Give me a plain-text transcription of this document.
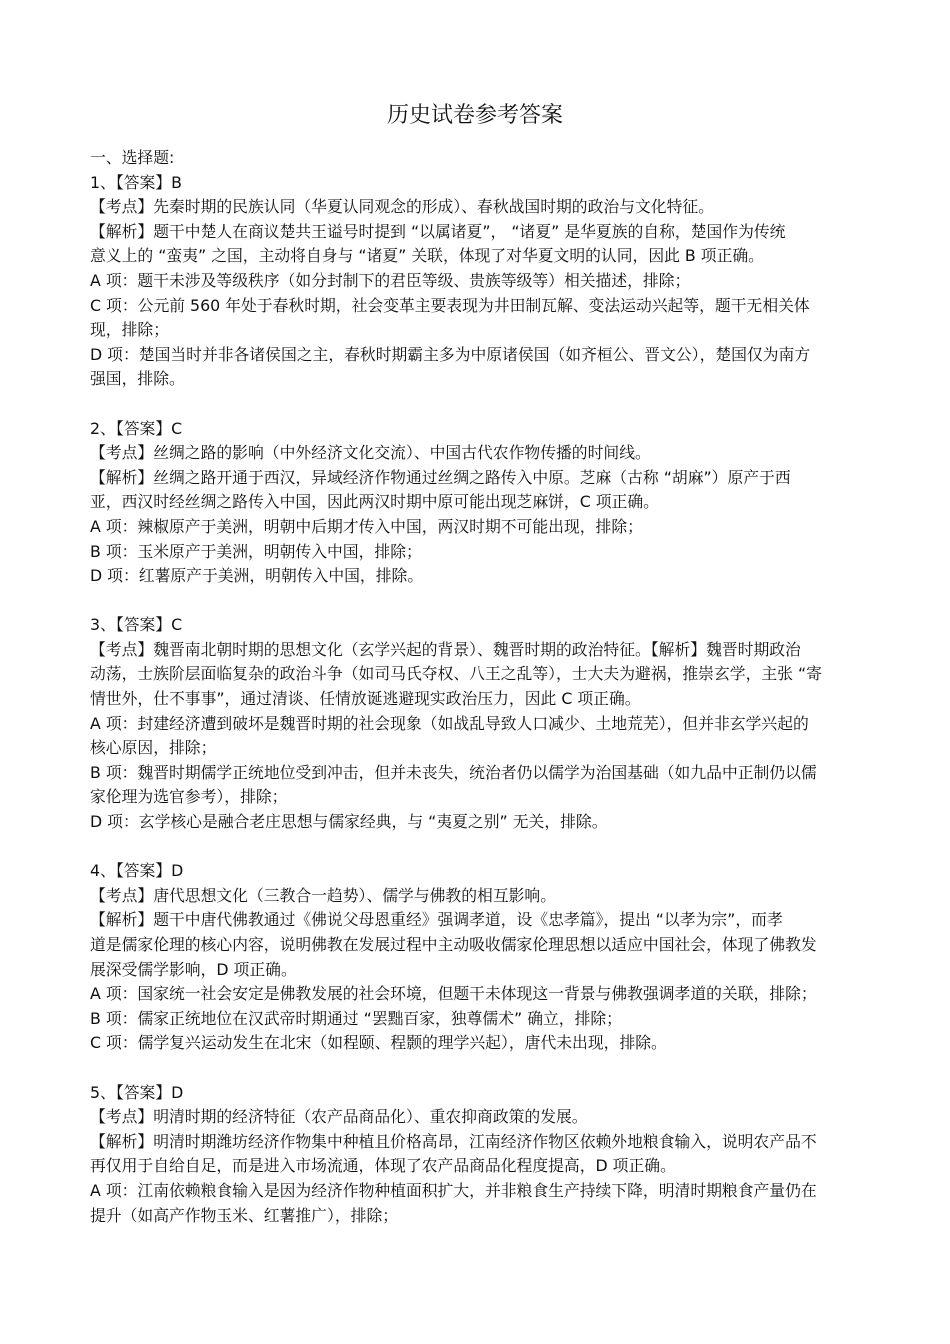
历史试卷参考答案
一、选择题:
1、【答案】B
【考点】先秦时期的民族认同（华夏认同观念的形成）、春秋战国时期的政治与文化特征。
【解析】题干中楚人在商议楚共王谥号时提到 “以属诸夏”， “诸夏” 是华夏族的自称，楚国作为传统
意义上的 “蛮夷” 之国，主动将自身与 “诸夏” 关联，体现了对华夏文明的认同，因此 B 项正确。
A 项：题干未涉及等级秩序（如分封制下的君臣等级、贵族等级等）相关描述，排除；
C 项：公元前 560 年处于春秋时期，社会变革主要表现为井田制瓦解、变法运动兴起等，题干无相关体
现，排除；
D 项：楚国当时并非各诸侯国之主，春秋时期霸主多为中原诸侯国（如齐桓公、晋文公），楚国仅为南方
强国，排除。
2、【答案】C
【考点】丝绸之路的影响（中外经济文化交流）、中国古代农作物传播的时间线。
【解析】丝绸之路开通于西汉，异域经济作物通过丝绸之路传入中原。芝麻（古称 “胡麻”）原产于西
亚，西汉时经丝绸之路传入中国，因此两汉时期中原可能出现芝麻饼，C 项正确。
A 项：辣椒原产于美洲，明朝中后期才传入中国，两汉时期不可能出现，排除；
B 项：玉米原产于美洲，明朝传入中国，排除；
D 项：红薯原产于美洲，明朝传入中国，排除。
3、【答案】C
【考点】魏晋南北朝时期的思想文化（玄学兴起的背景）、魏晋时期的政治特征。【解析】魏晋时期政治
动荡，士族阶层面临复杂的政治斗争（如司马氏夺权、八王之乱等），士大夫为避祸，推崇玄学，主张 “寄
情世外，仕不事事”，通过清谈、任情放诞逃避现实政治压力，因此 C 项正确。
A 项：封建经济遭到破坏是魏晋时期的社会现象（如战乱导致人口减少、土地荒芜），但并非玄学兴起的
核心原因，排除；
B 项：魏晋时期儒学正统地位受到冲击，但并未丧失，统治者仍以儒学为治国基础（如九品中正制仍以儒
家伦理为选官参考），排除；
D 项：玄学核心是融合老庄思想与儒家经典，与 “夷夏之别” 无关，排除。
4、【答案】D
【考点】唐代思想文化（三教合一趋势）、儒学与佛教的相互影响。
【解析】题干中唐代佛教通过《佛说父母恩重经》强调孝道，设《忠孝篇》，提出 “以孝为宗”，而孝
道是儒家伦理的核心内容，说明佛教在发展过程中主动吸收儒家伦理思想以适应中国社会，体现了佛教发
展深受儒学影响，D 项正确。
A 项：国家统一社会安定是佛教发展的社会环境，但题干未体现这一背景与佛教强调孝道的关联，排除；
B 项：儒家正统地位在汉武帝时期通过 “罢黜百家，独尊儒术” 确立，排除；
C 项：儒学复兴运动发生在北宋（如程颐、程颢的理学兴起），唐代未出现，排除。
5、【答案】D
【考点】明清时期的经济特征（农产品商品化）、重农抑商政策的发展。
【解析】明清时期潍坊经济作物集中种植且价格高昂，江南经济作物区依赖外地粮食输入，说明农产品不
再仅用于自给自足，而是进入市场流通，体现了农产品商品化程度提高，D 项正确。
A 项：江南依赖粮食输入是因为经济作物种植面积扩大，并非粮食生产持续下降，明清时期粮食产量仍在
提升（如高产作物玉米、红薯推广），排除；
